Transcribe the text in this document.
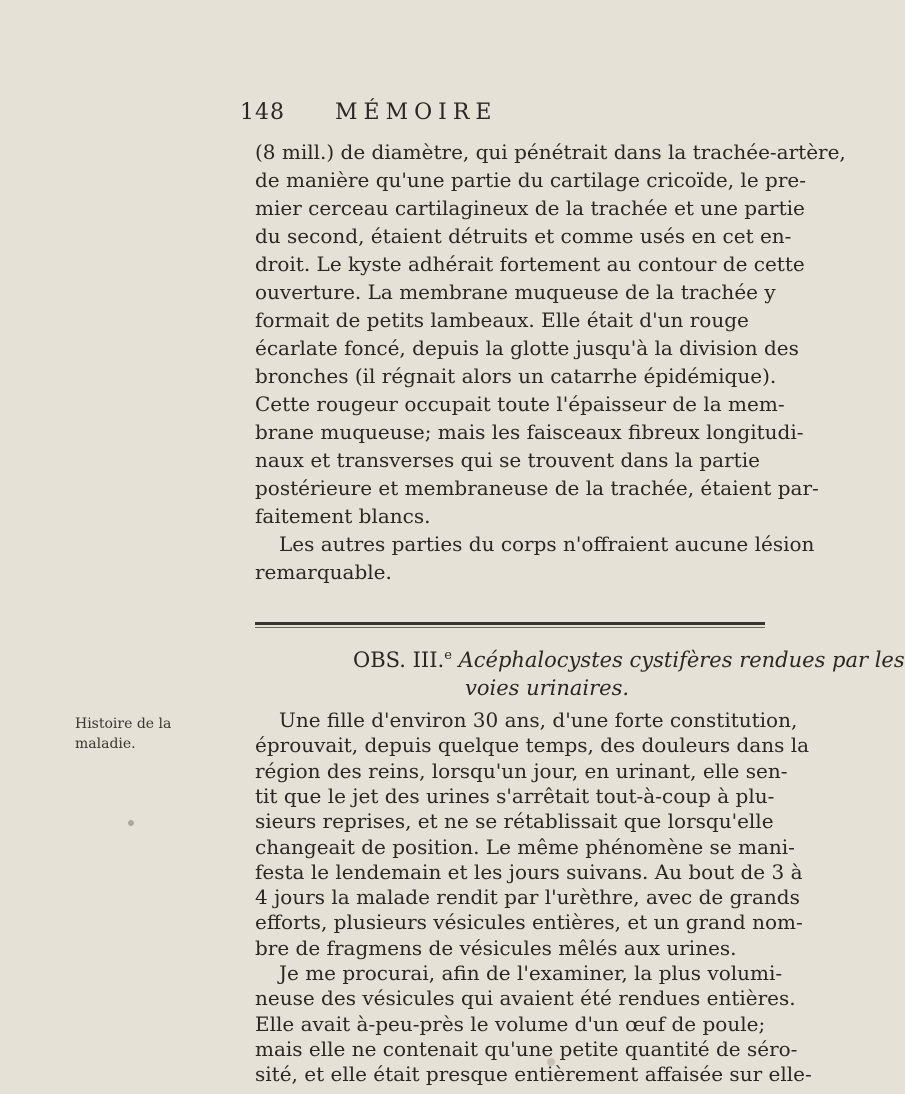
148 MÉMOIRE
(8 mill.) de diamètre, qui pénétrait dans la trachée-artère,
de manière qu'une partie du cartilage cricoïde, le pre-
mier cerceau cartilagineux de la trachée et une partie
du second, étaient détruits et comme usés en cet en-
droit. Le kyste adhérait fortement au contour de cette
ouverture. La membrane muqueuse de la trachée y
formait de petits lambeaux. Elle était d'un rouge
écarlate foncé, depuis la glotte jusqu'à la division des
bronches (il régnait alors un catarrhe épidémique).
Cette rougeur occupait toute l'épaisseur de la mem-
brane muqueuse; mais les faisceaux fibreux longitudi-
naux et transverses qui se trouvent dans la partie
postérieure et membraneuse de la trachée, étaient par-
faitement blancs.
Les autres parties du corps n'offraient aucune lésion
remarquable.
OBS. III.$^e$ Acéphalocystes cystifères rendues par les
voies urinaires.
Histoire de la
maladie.
Une fille d'environ 30 ans, d'une forte constitution,
éprouvait, depuis quelque temps, des douleurs dans la
région des reins, lorsqu'un jour, en urinant, elle sen-
tit que le jet des urines s'arrêtait tout-à-coup à plu-
sieurs reprises, et ne se rétablissait que lorsqu'elle
changeait de position. Le même phénomène se mani-
festa le lendemain et les jours suivans. Au bout de 3 à
4 jours la malade rendit par l'urèthre, avec de grands
efforts, plusieurs vésicules entières, et un grand nom-
bre de fragmens de vésicules mêlés aux urines.
Je me procurai, afin de l'examiner, la plus volumi-
neuse des vésicules qui avaient été rendues entières.
Elle avait à-peu-près le volume d'un œuf de poule;
mais elle ne contenait qu'une petite quantité de séro-
sité, et elle était presque entièrement affaisée sur elle-
